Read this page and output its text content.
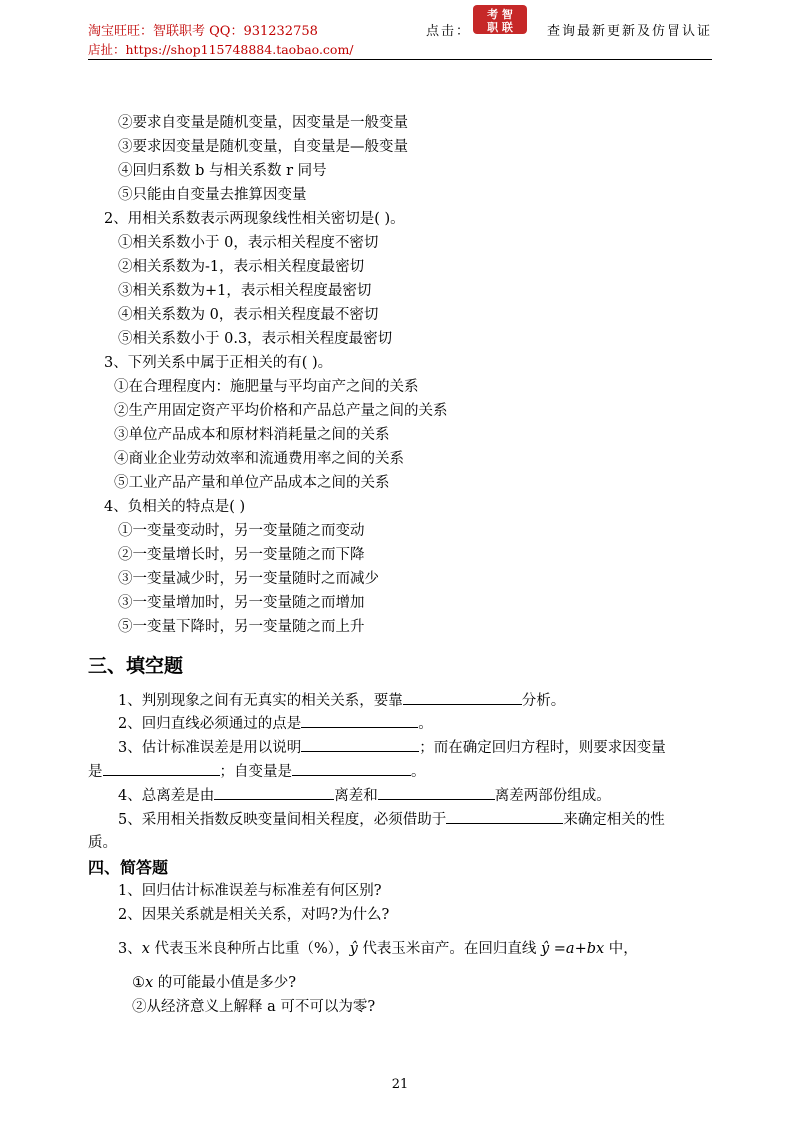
淘宝旺旺：智联职考 QQ：931232758
店扯：https://shop115748884.taobao.com/
点击：
考 智
职 联	查询最新更新及仿冒认证
②要求自变量是随机变量，因变量是一般变量
③要求因变量是随机变量，自变量是—般变量
④回归系数 b 与相关系数 r 同号
⑤只能由自变量去推算因变量
2、用相关系数表示两现象线性相关密切是( )。
①相关系数小于 0，表示相关程度不密切
②相关系数为-1，表示相关程度最密切
③相关系数为+1，表示相关程度最密切
④相关系数为 0，表示相关程度最不密切
⑤相关系数小于 0.3，表示相关程度最密切
3、下列关系中属于正相关的有( )。
①在合理程度内：施肥量与平均亩产之间的关系
②生产用固定资产平均价格和产品总产量之间的关系
③单位产品成本和原材料消耗量之间的关系
④商业企业劳动效率和流通费用率之间的关系
⑤工业产品产量和单位产品成本之间的关系
4、负相关的特点是( )
①一变量变动时，另一变量随之而变动
②一变量增长时，另一变量随之而下降
③一变量减少时，另一变量随时之而减少
③一变量增加时，另一变量随之而增加
⑤一变量下降时，另一变量随之而上升
三、填空题
1、判别现象之间有无真实的相关关系，要靠	分析。
2、回归直线必须通过的点是	。
3、估计标准误差是用以说明	；而在确定回归方程时，则要求因变量
是	；自变量是	。
4、总离差是由	离差和	离差两部份组成。
5、采用相关指数反映变量间相关程度，必须借助于	来确定相关的性
质。
四、简答题
1、回归估计标准误差与标准差有何区别?
2、因果关系就是相关关系，对吗?为什么?
3、x 代表玉米良种所占比重（%），ŷ 代表玉米亩产。在回归直线 ŷ =a+bx 中，
①x 的可能最小值是多少?
②从经济意义上解释 a 可不可以为零?
21
